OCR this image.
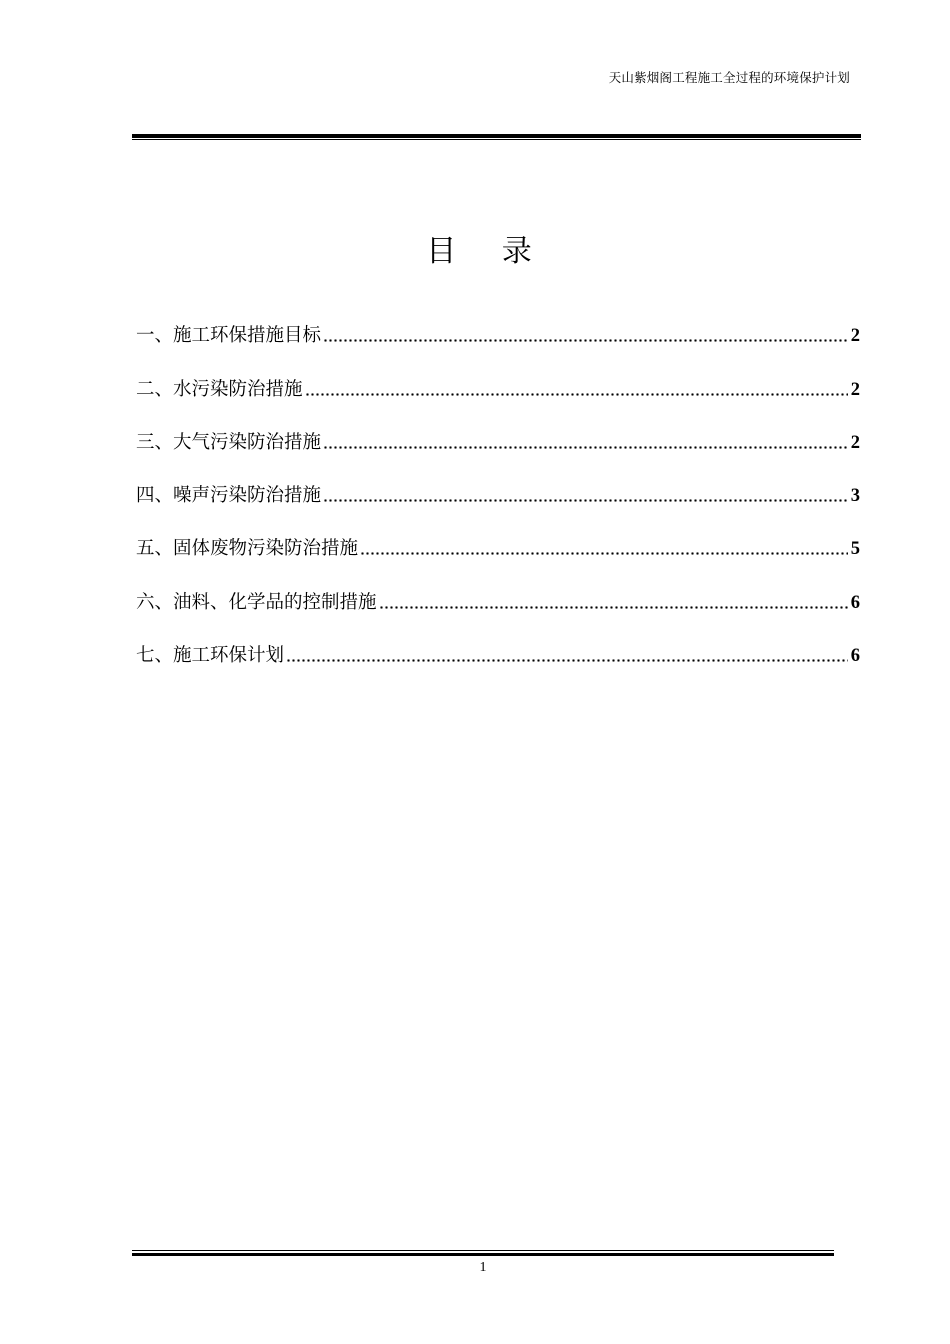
天山紫烟阁工程施工全过程的环境保护计划
目 录
一、施工环保措施目标	2
二、水污染防治措施	2
三、大气污染防治措施	2
四、噪声污染防治措施	3
五、固体废物污染防治措施	5
六、油料、化学品的控制措施	6
七、施工环保计划	6
1
